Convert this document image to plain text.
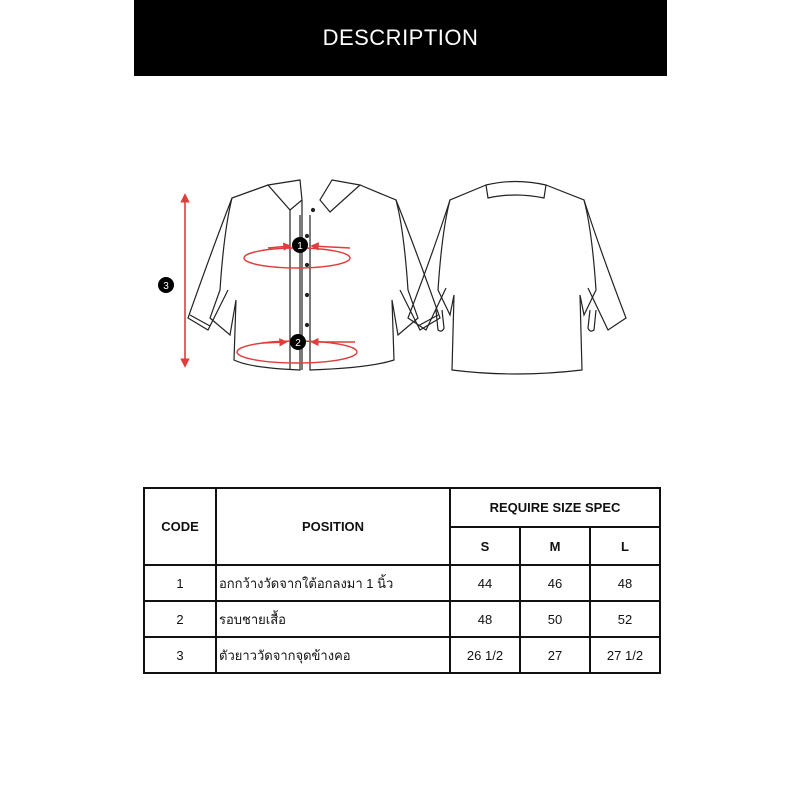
DESCRIPTION
1
2
3
CODE	POSITION	REQUIRE SIZE SPEC		
		S	M	L
1	อกกว้างวัดจากใต้อกลงมา 1 นิ้ว	44	46	48
2	รอบชายเสื้อ	48	50	52
3	ตัวยาววัดจากจุดข้างคอ	26 1/2	27	27 1/2
